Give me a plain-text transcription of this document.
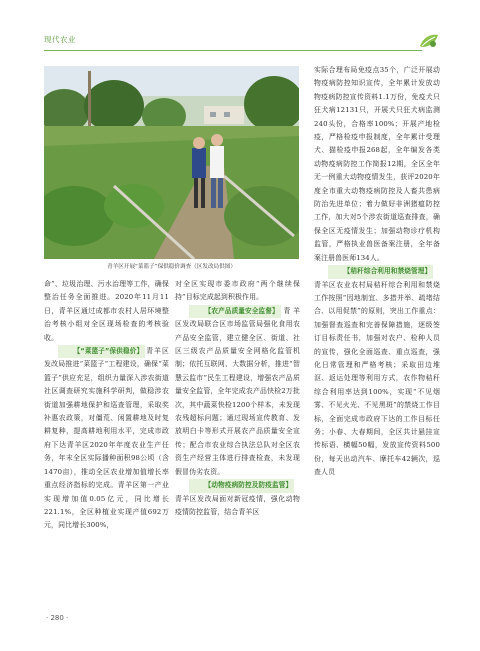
现代农业
青羊区开展“菜篮子”保供稳价调查（区发改局供图）

命”、垃圾治理、污水治理等工作，确保整治任务全面推进。2020年11月11日，青羊区通过成都市农村人居环境整治考核小组对全区现场检查的考核验收。

【“菜篮子”保供稳价】 青羊区发改局推进“菜篮子”工程建设，确保“菜篮子”供应充足，组织力量深入涉农街道社区调查研究实施科学研判，做稳涉农街道加强耕地保护和巡查管理，采取奖补惠农政策，对僵荒、闲置耕地及时复耕复种，提高耕地利用水平，完成市政府下达青羊区2020年年度农业生产任务，年末全区实际播种面积98公顷（含1470亩），推动全区农业增加值增长率重点经济指标的完成。青羊区第一产业实现增加值0.05亿元，同比增长221.1%，全区种植业实现产值692万元，同比增长300%，

对全区实现市委市政府“两个继续保持”目标完成起到积极作用。

【农产品质量安全监督】 青羊区发改局联合区市场监管局强化食用农产品安全监管，建立健全区、街道、社区三级农产品质量安全网格化监管机制；依托互联网、大数据分析，推进“智慧云监市”民生工程建设，增强农产品质量安全监管，全年完成农产品快检2万批次，其中蔬菜快检1200个样本，未发现农残超标问题；通过现场宣传教育、发放明白卡等形式开展农产品质量安全宣传；配合市农业综合执法总队对全区农资生产经营主体进行排查检查，未发现假冒伪劣农资。

【动物疫病防控及防疫监管】青羊区发改局面对新冠疫情，强化动物疫情防控监管，结合青羊区

实际合理布局免疫点35个，广泛开展动物疫病防控知识宣传，全年累计发放动物疫病防控宣传资料1.1万份，免疫犬只狂犬病12131只，开展犬只狂犬病监测240头份，合格率100%；开展产地检疫，严格检疫申报制度，全年累计受理犬、猫检疫申报268起，全年编发各类动物疫病防控工作简报12期，全区全年无一例重大动物疫情发生，获评2020年度全市重大动物疫病防控及人畜共患病防治先进单位；着力做好非洲猪瘟防控工作，加大对5个涉农街道巡查排查，确保全区无疫情发生；加强动物诊疗机构监管，严格执业兽医备案注册，全年备案注册兽医师134人。

【秸秆综合利用和禁烧管理】青羊区农业农村局秸秆综合利用和禁烧工作按照“因地制宜、多措并举、疏堵结合、以用促禁”的原则，突出工作重点：加强督查巡查和完善保障措施，逐级签订目标责任书，加强对农户、检种人员的宣传，强化全面巡查、重点巡查，强化日常管理和严格考核；采取田边堆沤、返运处理等利用方式，农作物秸秆综合利用率达到100%，实现“不见烟雾、不见火光、不见黑斑”的禁烧工作目标，全面完成市政府下达的工作目标任务；小春、大春期间，全区共计悬挂宣传标语、横幅50幅，发放宣传资料500份，每天出动汽车、摩托车42辆次，巡查人员

· 280 ·
